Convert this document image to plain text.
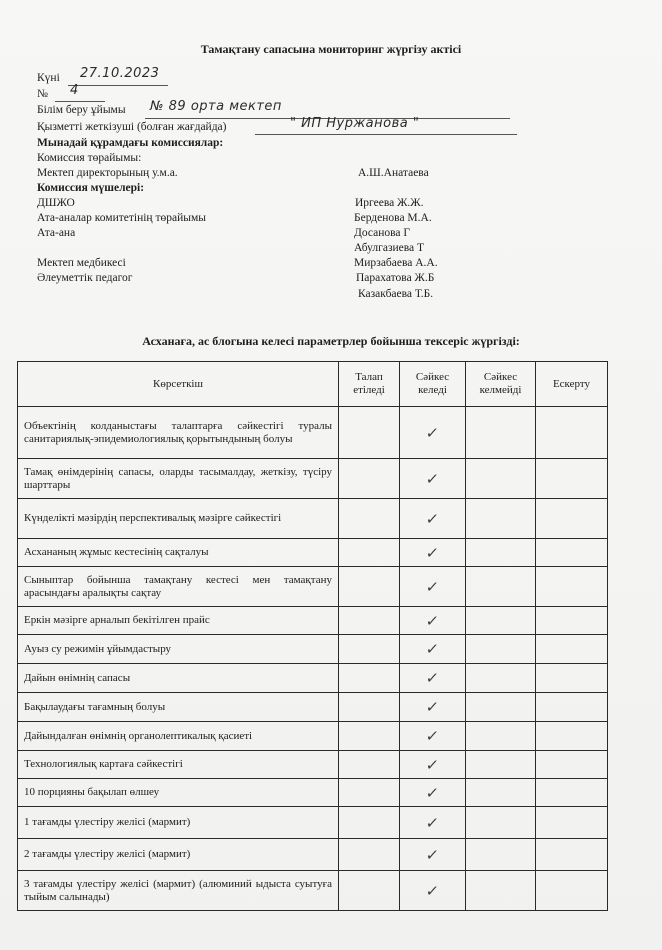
Тамақтану сапасына мониторинг жүргізу актісі
Күні 27.10.2023
№ 4
Білім беру ұйымы № 89 орта мектеп
Қызметті жеткізуші (болған жағдайда)	" ИП Нуржанова "
Мынадай құрамдағы комиссиялар:
Комиссия төрайымы:
Мектеп директорының у.м.а.	А.Ш.Анатаева
Комиссия мүшелері:
ДШЖО	Иргеева Ж.Ж.
Ата-аналар комитетінің төрайымы	Берденова М.А.
Ата-ана	Досанова Г
Абулгазиева Т
Мектеп медбикесі	Мирзабаева А.А.
Әлеуметтік педагог	Парахатова Ж.Б
Казакбаева Т.Б.
Асханаға, ас блогына келесі параметрлер бойынша тексеріс жүргізді:
Көрсеткіш	Талап етіледі	Сәйкес келеді	Сәйкес келмейді	Ескерту
Объектінің колданыстағы талаптарға сәйкестігі туралы санитариялық-эпидемиологиялық қорытындының болуы		✓		
Тамақ өнімдерінің сапасы, оларды тасымалдау, жеткізу, түсіру шарттары		✓		
Күнделікті мәзірдің перспективалық мәзірге сәйкестігі		✓		
Асхананың жұмыс кестесінің сақталуы		✓		
Сыныптар бойынша тамақтану кестесі мен тамақтану арасындағы аралықты сақтау		✓		
Еркін мәзірге арналып бекітілген прайс		✓		
Ауыз су режимін ұйымдастыру		✓		
Дайын өнімнің сапасы		✓		
Бақылаудағы тағамның болуы		✓		
Дайындалған өнімнің органолептикалық қасиеті		✓		
Технологиялық картаға сәйкестігі		✓		
10 порцияны бақылап өлшеу		✓		
1 тағамды үлестіру желісі (мармит)		✓		
2 тағамды үлестіру желісі (мармит)		✓		
3 тағамды үлестіру желісі (мармит) (алюминий ыдыста суытуға тыйым салынады)		✓		
